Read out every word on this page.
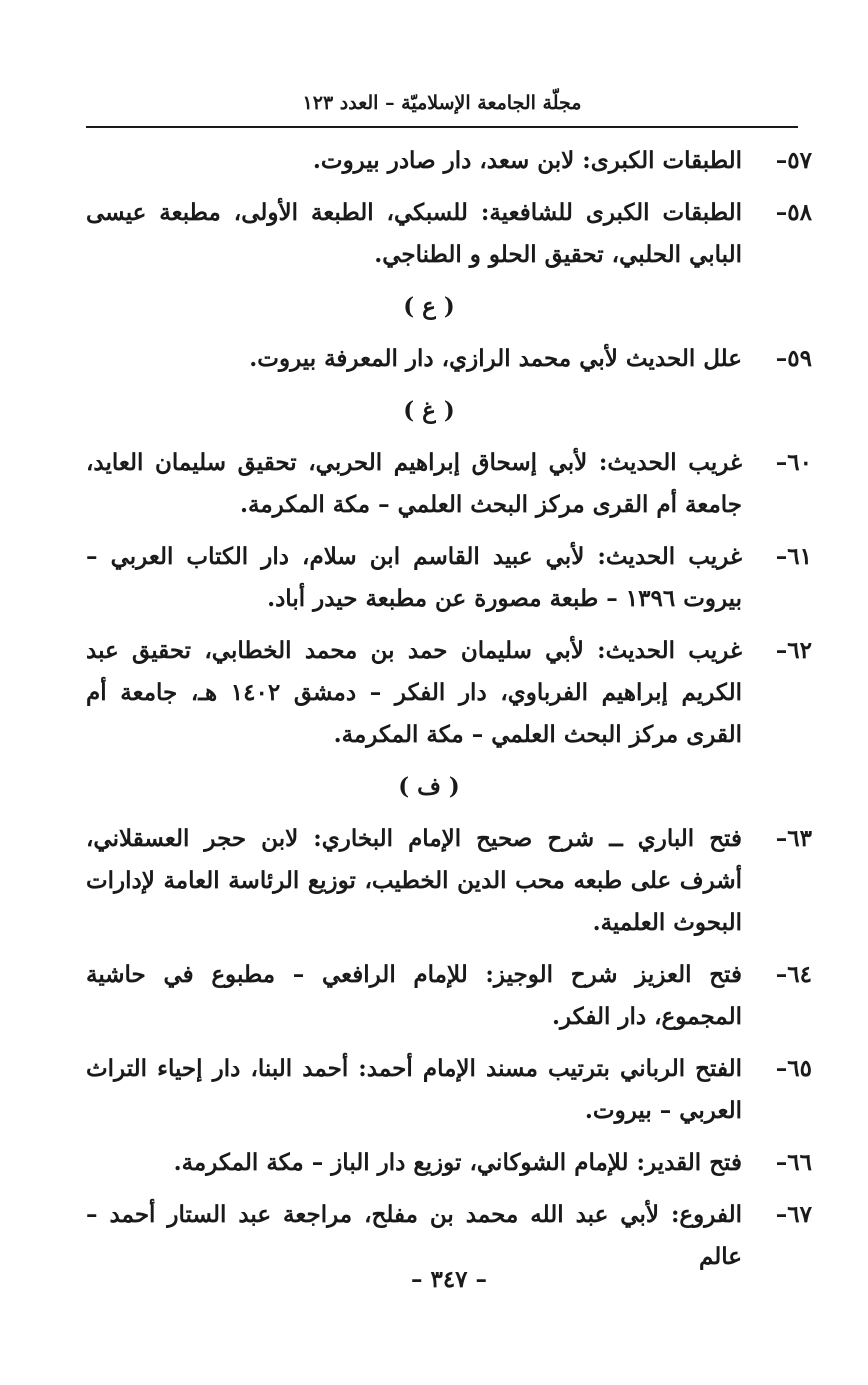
مجلّة الجامعة الإسلاميّة – العدد ١٢٣
٥٧–
الطبقات الكبرى: لابن سعد، دار صادر بيروت.
٥٨–
الطبقات الكبرى للشافعية: للسبكي، الطبعة الأولى، مطبعة عيسى البابي الحلبي، تحقيق الحلو و الطناجي.
( ع )
٥٩–
علل الحديث لأبي محمد الرازي، دار المعرفة بيروت.
( غ )
٦٠–
غريب الحديث: لأبي إسحاق إبراهيم الحربي، تحقيق سليمان العايد، جامعة أم القرى مركز البحث العلمي – مكة المكرمة.
٦١–
غريب الحديث: لأبي عبيد القاسم ابن سلام، دار الكتاب العربي – بيروت ١٣٩٦ – طبعة مصورة عن مطبعة حيدر أباد.
٦٢–
غريب الحديث: لأبي سليمان حمد بن محمد الخطابي، تحقيق عبد الكريم إبراهيم الفرباوي، دار الفكر – دمشق ١٤٠٢ هـ، جامعة أم القرى مركز البحث العلمي – مكة المكرمة.
( ف )
٦٣–
فتح الباري ــ شرح صحيح الإمام البخاري: لابن حجر العسقلاني، أشرف على طبعه محب الدين الخطيب، توزيع الرئاسة العامة لإدارات البحوث العلمية.
٦٤–
فتح العزيز شرح الوجيز: للإمام الرافعي – مطبوع في حاشية المجموع، دار الفكر.
٦٥–
الفتح الرباني بترتيب مسند الإمام أحمد: أحمد البنا، دار إحياء التراث العربي – بيروت.
٦٦–
فتح القدير: للإمام الشوكاني، توزيع دار الباز – مكة المكرمة.
٦٧–
الفروع: لأبي عبد الله محمد بن مفلح، مراجعة عبد الستار أحمد – عالم
– ٣٤٧ –
